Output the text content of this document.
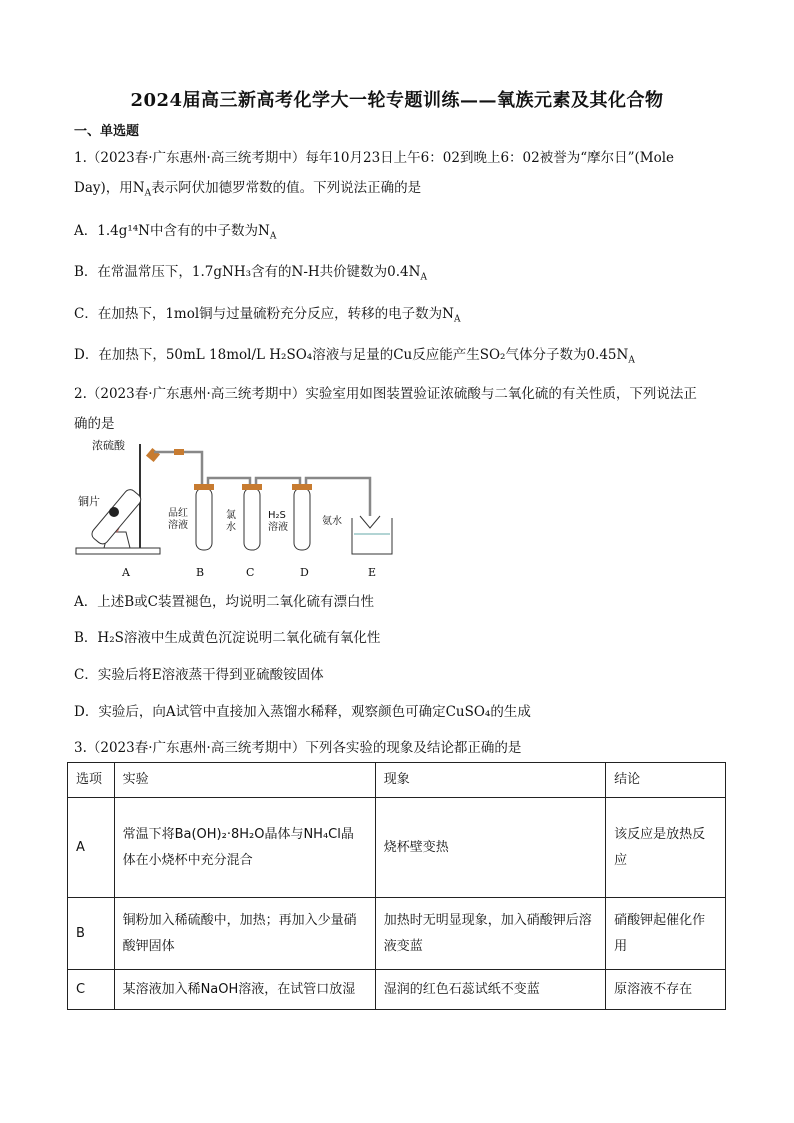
2024届高三新高考化学大一轮专题训练——氧族元素及其化合物
一、单选题
1.（2023春·广东惠州·高三统考期中）每年10月23日上午6：02到晚上6：02被誉为“摩尔日”(Mole
Day)，用$N_A$表示阿伏加德罗常数的值。下列说法正确的是
A．1.4g¹⁴N中含有的中子数为$N_A$
B．在常温常压下，1.7gNH₃含有的N-H共价键数为$0.4N_A$
C．在加热下，1mol铜与过量硫粉充分反应，转移的电子数为$N_A$
D．在加热下，50mL 18mol/L H₂SO₄溶液与足量的Cu反应能产生SO₂气体分子数为$0.45N_A$
2.（2023春·广东惠州·高三统考期中）实验室用如图装置验证浓硫酸与二氧化硫的有关性质，下列说法正
确的是
浓硫酸
铜片
品红溶液
氯水
H₂S溶液
氨水
A	B	C	D	E
A．上述B或C装置褪色，均说明二氧化硫有漂白性
B．H₂S溶液中生成黄色沉淀说明二氧化硫有氧化性
C．实验后将E溶液蒸干得到亚硫酸铵固体
D．实验后，向A试管中直接加入蒸馏水稀释，观察颜色可确定CuSO₄的生成
3.（2023春·广东惠州·高三统考期中）下列各实验的现象及结论都正确的是
选项	实验	现象	结论
A	常温下将Ba(OH)₂·8H₂O晶体与NH₄Cl晶体在小烧杯中充分混合	烧杯壁变热	该反应是放热反应
B	铜粉加入稀硫酸中，加热；再加入少量硝酸钾固体	加热时无明显现象，加入硝酸钾后溶液变蓝	硝酸钾起催化作用
C	某溶液加入稀NaOH溶液，在试管口放湿	湿润的红色石蕊试纸不变蓝	原溶液不存在
